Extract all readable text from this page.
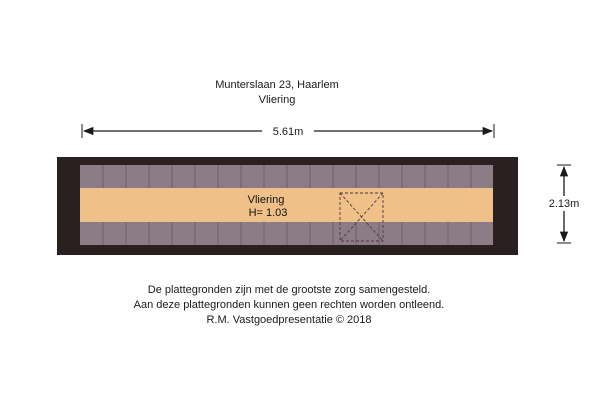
Munterslaan 23, Haarlem
Vliering
5.61m
2.13m
Vliering
H= 1.03
De plattegronden zijn met de grootste zorg samengesteld.
Aan deze plattegronden kunnen geen rechten worden ontleend.
R.M. Vastgoedpresentatie © 2018
